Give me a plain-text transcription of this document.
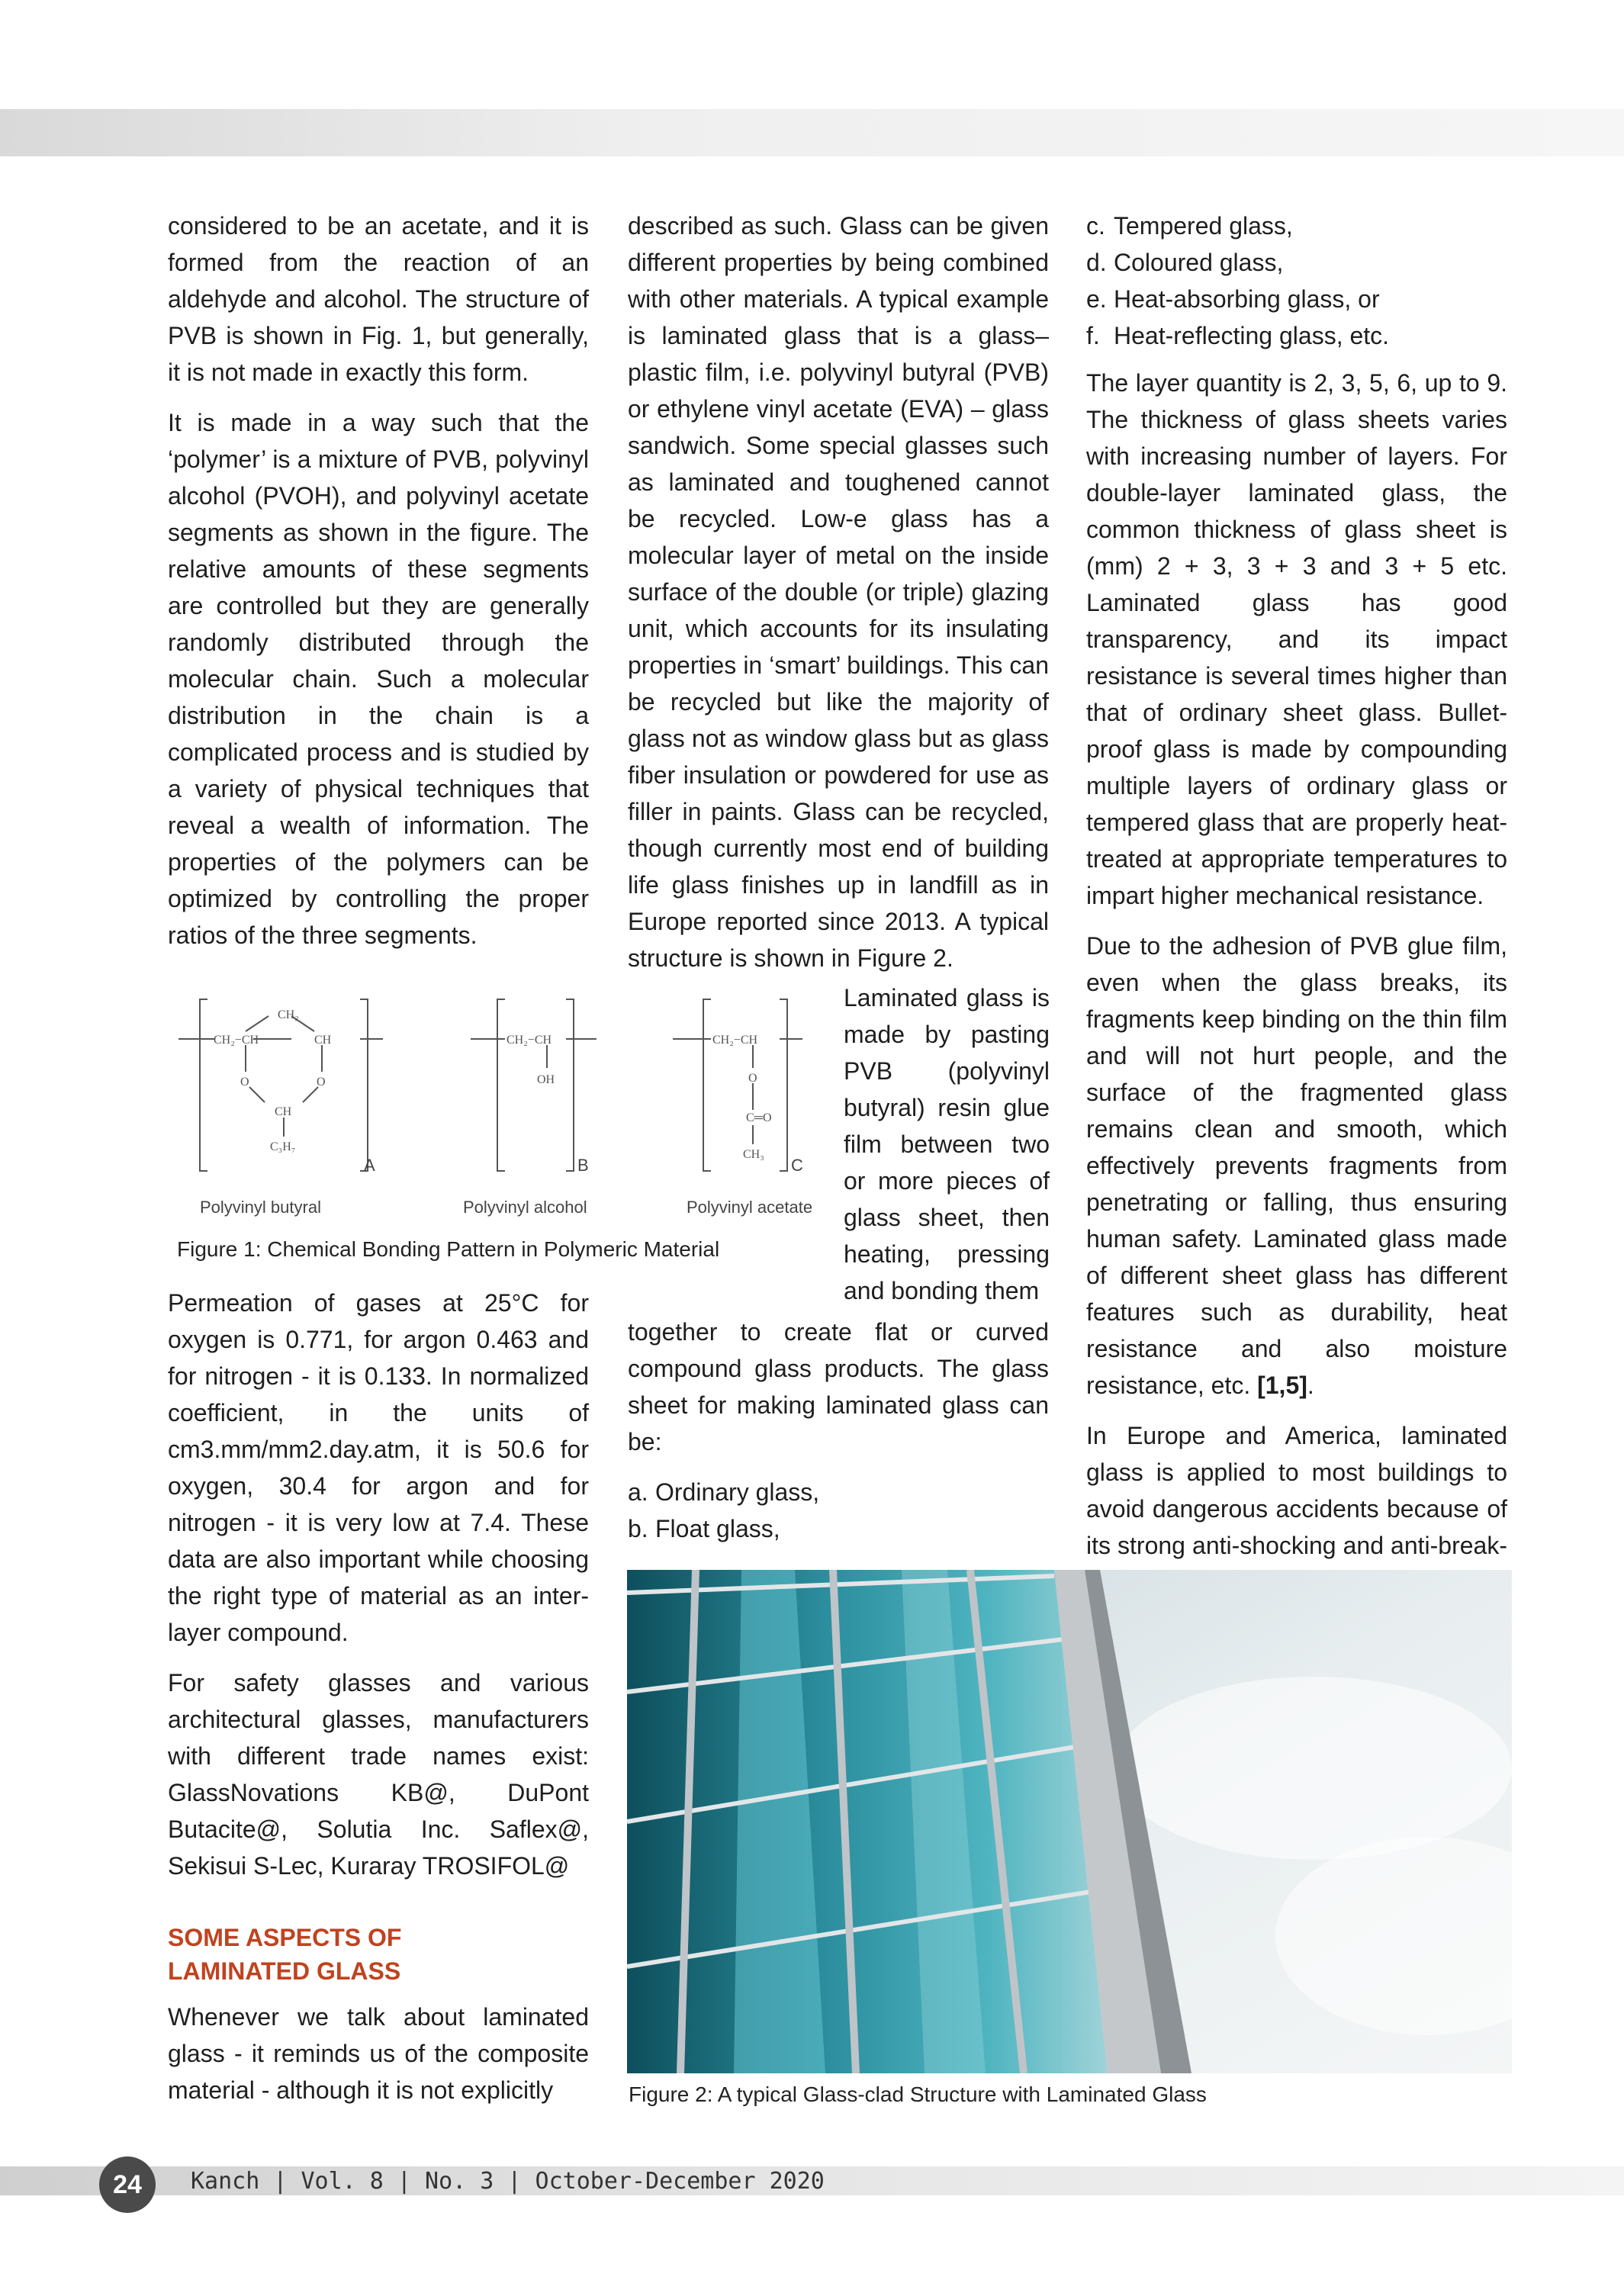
considered to be an acetate, and it is formed from the reaction of an aldehyde and alcohol. The structure of PVB is shown in Fig. 1, but generally, it is not made in exactly this form.

It is made in a way such that the ‘polymer’ is a mixture of PVB, polyvinyl alcohol (PVOH), and polyvinyl acetate segments as shown in the figure. The relative amounts of these segments are controlled but they are generally randomly distributed through the molecular chain. Such a molecular distribution in the chain is a complicated process and is studied by a variety of physical techniques that reveal a wealth of information. The properties of the polymers can be optimized by controlling the proper ratios of the three segments.

CH₂
CH₂−CH	CH
O	O
CH
C₃H₇
A
Polyvinyl butyral
CH₂−CH
OH
B
Polyvinyl alcohol
CH₂−CH
O
C═O
CH₃
C
Polyvinyl acetate
Figure 1: Chemical Bonding Pattern in Polymeric Material

Permeation of gases at 25°C for oxygen is 0.771, for argon 0.463 and for nitrogen - it is 0.133. In normalized coefficient, in the units of cm3.mm/mm2.day.atm, it is 50.6 for oxygen, 30.4 for argon and for nitrogen - it is very low at 7.4. These data are also important while choosing the right type of material as an inter-layer compound.

For safety glasses and various architectural glasses, manufacturers with different trade names exist: GlassNovations KB@, DuPont Butacite@, Solutia Inc. Saflex@, Sekisui S-Lec, Kuraray TROSIFOL@

SOME ASPECTS OF
LAMINATED GLASS

Whenever we talk about laminated glass - it reminds us of the composite material - although it is not explicitly

described as such. Glass can be given different properties by being combined with other materials. A typical example is laminated glass that is a glass–plastic film, i.e. polyvinyl butyral (PVB) or ethylene vinyl acetate (EVA) – glass sandwich. Some special glasses such as laminated and toughened cannot be recycled. Low-e glass has a molecular layer of metal on the inside surface of the double (or triple) glazing unit, which accounts for its insulating properties in ‘smart’ buildings. This can be recycled but like the majority of glass not as window glass but as glass fiber insulation or powdered for use as filler in paints. Glass can be recycled, though currently most end of building life glass finishes up in landfill as in Europe reported since 2013. A typical structure is shown in Figure 2.

Laminated glass is made by pasting PVB (polyvinyl butyral) resin glue film between two or more pieces of glass sheet, then heating, pressing and bonding them

together to create flat or curved compound glass products. The glass sheet for making laminated glass can be:

a. Ordinary glass,
b. Float glass,
c. Tempered glass,
d. Coloured glass,
e. Heat-absorbing glass, or
f. Heat-reflecting glass, etc.

The layer quantity is 2, 3, 5, 6, up to 9. The thickness of glass sheets varies with increasing number of layers. For double-layer laminated glass, the common thickness of glass sheet is (mm) 2 + 3, 3 + 3 and 3 + 5 etc. Laminated glass has good transparency, and its impact resistance is several times higher than that of ordinary sheet glass. Bullet-proof glass is made by compounding multiple layers of ordinary glass or tempered glass that are properly heat-treated at appropriate temperatures to impart higher mechanical resistance.

Due to the adhesion of PVB glue film, even when the glass breaks, its fragments keep binding on the thin film and will not hurt people, and the surface of the fragmented glass remains clean and smooth, which effectively prevents fragments from penetrating or falling, thus ensuring human safety. Laminated glass made of different sheet glass has different features such as durability, heat resistance and also moisture resistance, etc. [1,5].

In Europe and America, laminated glass is applied to most buildings to avoid dangerous accidents because of its strong anti-shocking and anti-break-

Figure 2: A typical Glass-clad Structure with Laminated Glass
24	Kanch | Vol. 8 | No. 3 | October-December 2020
